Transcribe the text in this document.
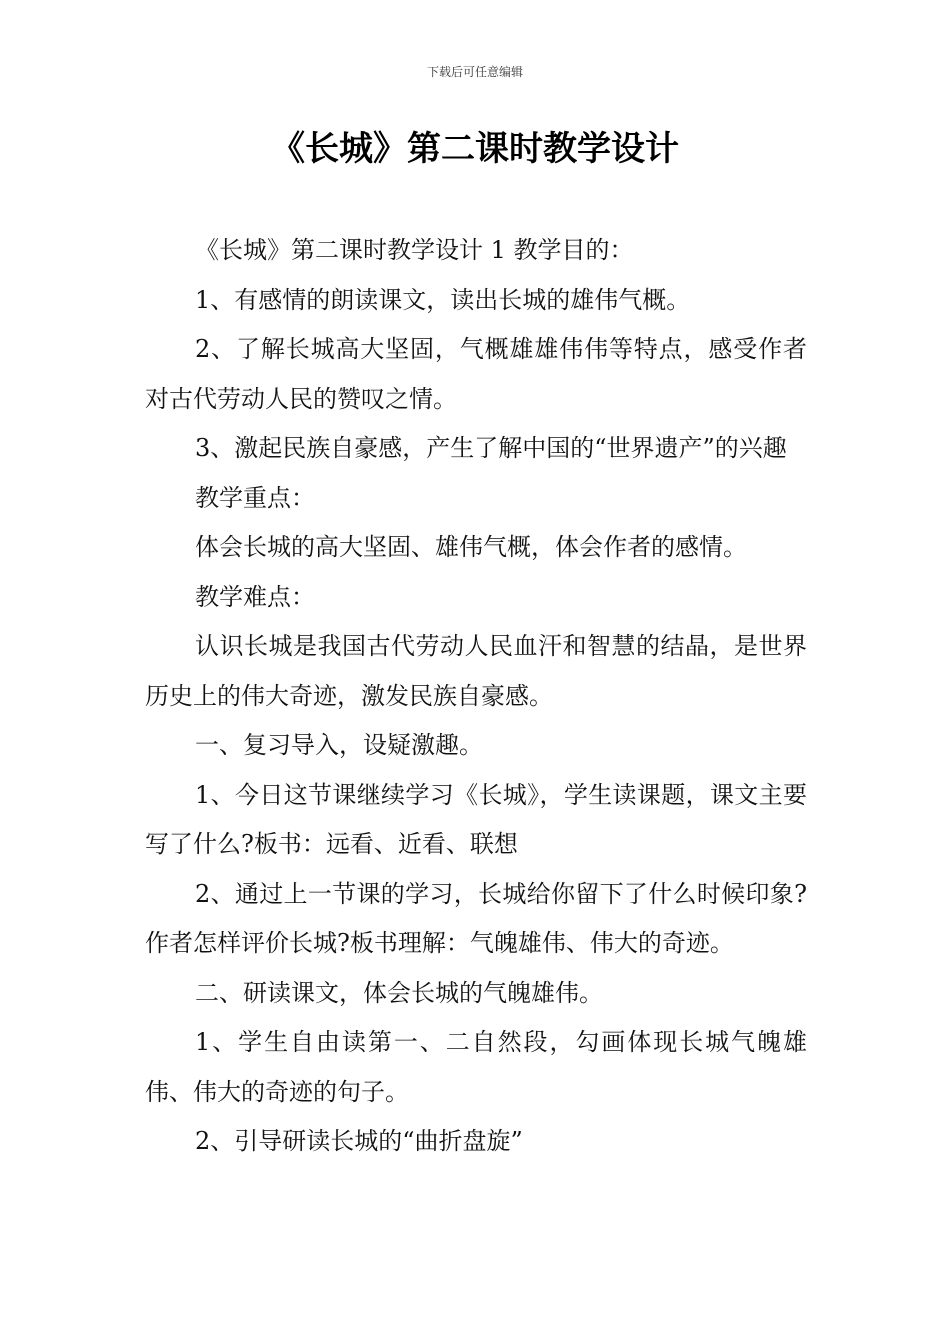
下载后可任意编辑
《长城》第二课时教学设计

《长城》第二课时教学设计 1 教学目的：

1、有感情的朗读课文，读出长城的雄伟气概。

2、了解长城高大坚固，气概雄雄伟伟等特点，感受作者对古代劳动人民的赞叹之情。

3、激起民族自豪感，产生了解中国的“世界遗产”的兴趣

教学重点：

体会长城的高大坚固、雄伟气概，体会作者的感情。

教学难点：

认识长城是我国古代劳动人民血汗和智慧的结晶，是世界历史上的伟大奇迹，激发民族自豪感。

一、复习导入，设疑激趣。

1、今日这节课继续学习《长城》，学生读课题，课文主要写了什么?板书：远看、近看、联想

2、通过上一节课的学习，长城给你留下了什么时候印象?作者怎样评价长城?板书理解：气魄雄伟、伟大的奇迹。

二、研读课文，体会长城的气魄雄伟。

1、学生自由读第一、二自然段，勾画体现长城气魄雄伟、伟大的奇迹的句子。

2、引导研读长城的“曲折盘旋”
